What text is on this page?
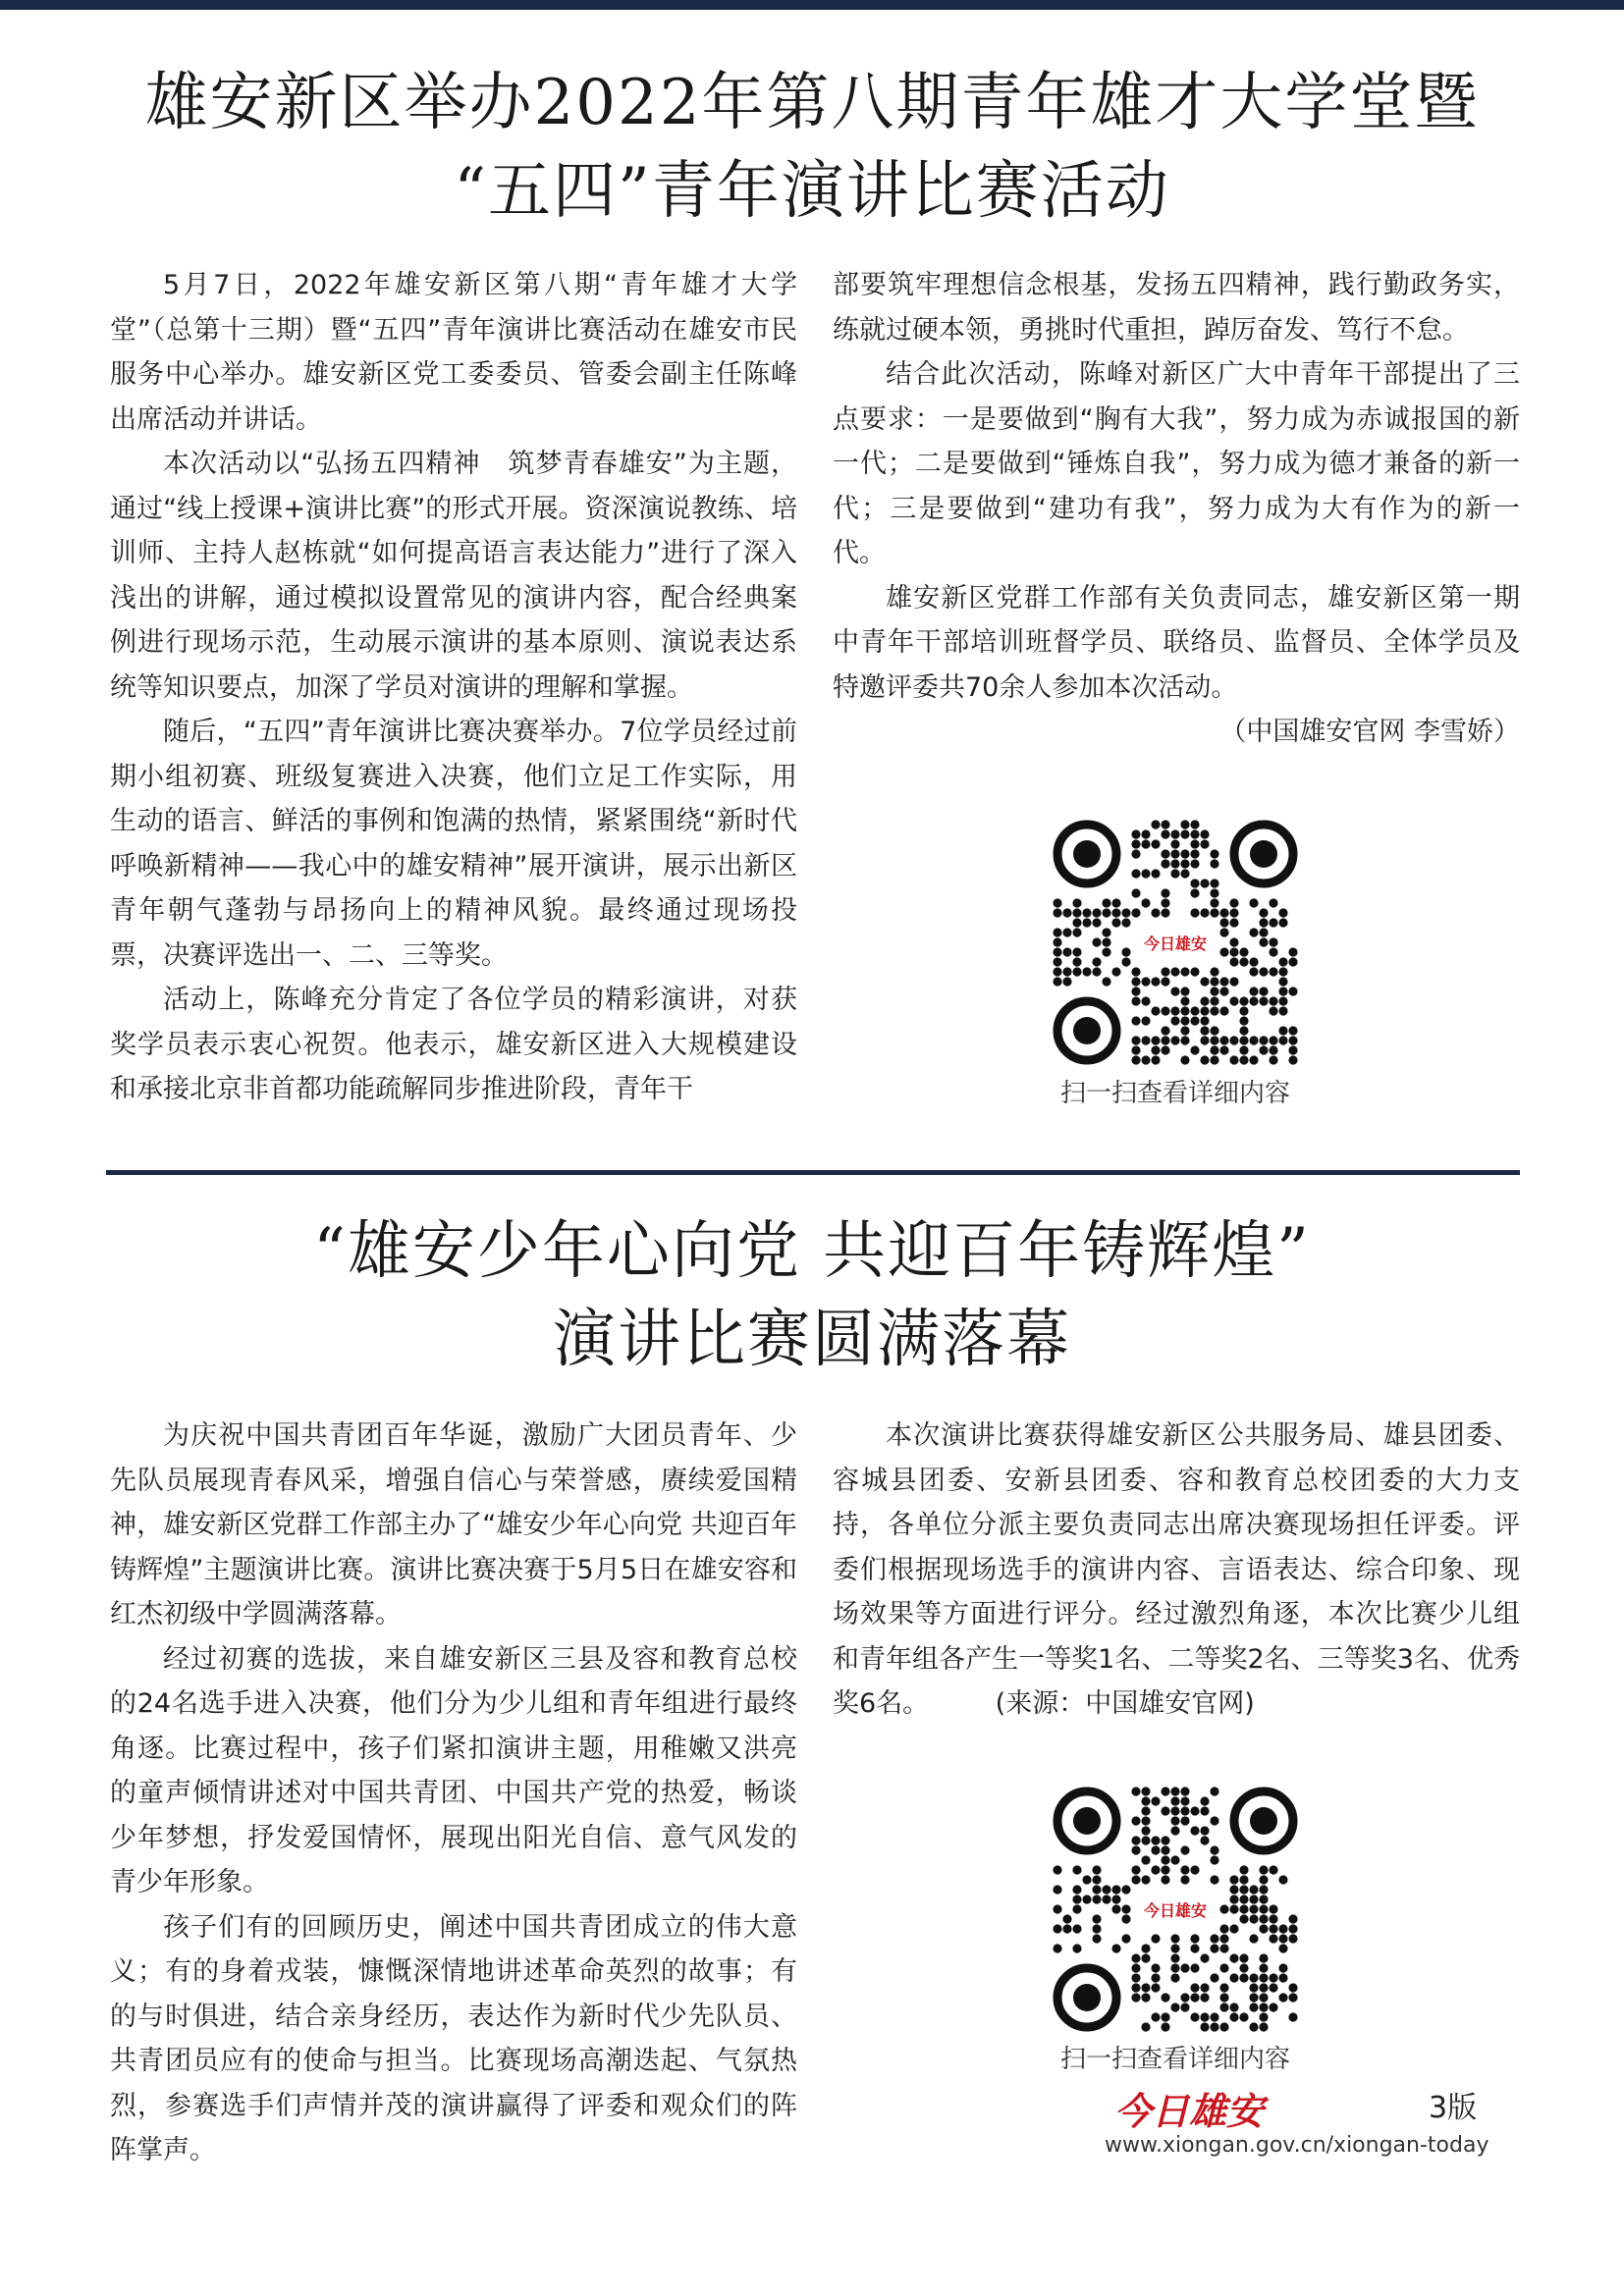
雄安新区举办2022年第八期青年雄才大学堂暨
“五四”青年演讲比赛活动

5月7日，2022年雄安新区第八期“青年雄才大学堂”（总第十三期）暨“五四”青年演讲比赛活动在雄安市民服务中心举办。雄安新区党工委委员、管委会副主任陈峰出席活动并讲话。

本次活动以“弘扬五四精神　筑梦青春雄安”为主题，通过“线上授课+演讲比赛”的形式开展。资深演说教练、培训师、主持人赵栋就“如何提高语言表达能力”进行了深入浅出的讲解，通过模拟设置常见的演讲内容，配合经典案例进行现场示范，生动展示演讲的基本原则、演说表达系统等知识要点，加深了学员对演讲的理解和掌握。

随后，“五四”青年演讲比赛决赛举办。7位学员经过前期小组初赛、班级复赛进入决赛，他们立足工作实际，用生动的语言、鲜活的事例和饱满的热情，紧紧围绕“新时代呼唤新精神——我心中的雄安精神”展开演讲，展示出新区青年朝气蓬勃与昂扬向上的精神风貌。最终通过现场投票，决赛评选出一、二、三等奖。

活动上，陈峰充分肯定了各位学员的精彩演讲，对获奖学员表示衷心祝贺。他表示，雄安新区进入大规模建设和承接北京非首都功能疏解同步推进阶段，青年干

部要筑牢理想信念根基，发扬五四精神，践行勤政务实，练就过硬本领，勇挑时代重担，踔厉奋发、笃行不怠。

结合此次活动，陈峰对新区广大中青年干部提出了三点要求：一是要做到“胸有大我”，努力成为赤诚报国的新一代；二是要做到“锤炼自我”，努力成为德才兼备的新一代；三是要做到“建功有我”，努力成为大有作为的新一代。

雄安新区党群工作部有关负责同志，雄安新区第一期中青年干部培训班督学员、联络员、监督员、全体学员及特邀评委共70余人参加本次活动。

（中国雄安官网 李雪娇）

今日雄安
扫一扫查看详细内容
“雄安少年心向党 共迎百年铸辉煌”
演讲比赛圆满落幕

为庆祝中国共青团百年华诞，激励广大团员青年、少先队员展现青春风采，增强自信心与荣誉感，赓续爱国精神，雄安新区党群工作部主办了“雄安少年心向党 共迎百年铸辉煌”主题演讲比赛。演讲比赛决赛于5月5日在雄安容和红杰初级中学圆满落幕。

经过初赛的选拔，来自雄安新区三县及容和教育总校的24名选手进入决赛，他们分为少儿组和青年组进行最终角逐。比赛过程中，孩子们紧扣演讲主题，用稚嫩又洪亮的童声倾情讲述对中国共青团、中国共产党的热爱，畅谈少年梦想，抒发爱国情怀，展现出阳光自信、意气风发的青少年形象。

孩子们有的回顾历史，阐述中国共青团成立的伟大意义；有的身着戎装，慷慨深情地讲述革命英烈的故事；有的与时俱进，结合亲身经历，表达作为新时代少先队员、共青团员应有的使命与担当。比赛现场高潮迭起、气氛热烈，参赛选手们声情并茂的演讲赢得了评委和观众们的阵阵掌声。

本次演讲比赛获得雄安新区公共服务局、雄县团委、容城县团委、安新县团委、容和教育总校团委的大力支持，各单位分派主要负责同志出席决赛现场担任评委。评委们根据现场选手的演讲内容、言语表达、综合印象、现场效果等方面进行评分。经过激烈角逐，本次比赛少儿组和青年组各产生一等奖1名、二等奖2名、三等奖3名、优秀奖6名。　　　(来源：中国雄安官网)

今日雄安
扫一扫查看详细内容
今日雄安	3版
www.xiongan.gov.cn/xiongan-today
